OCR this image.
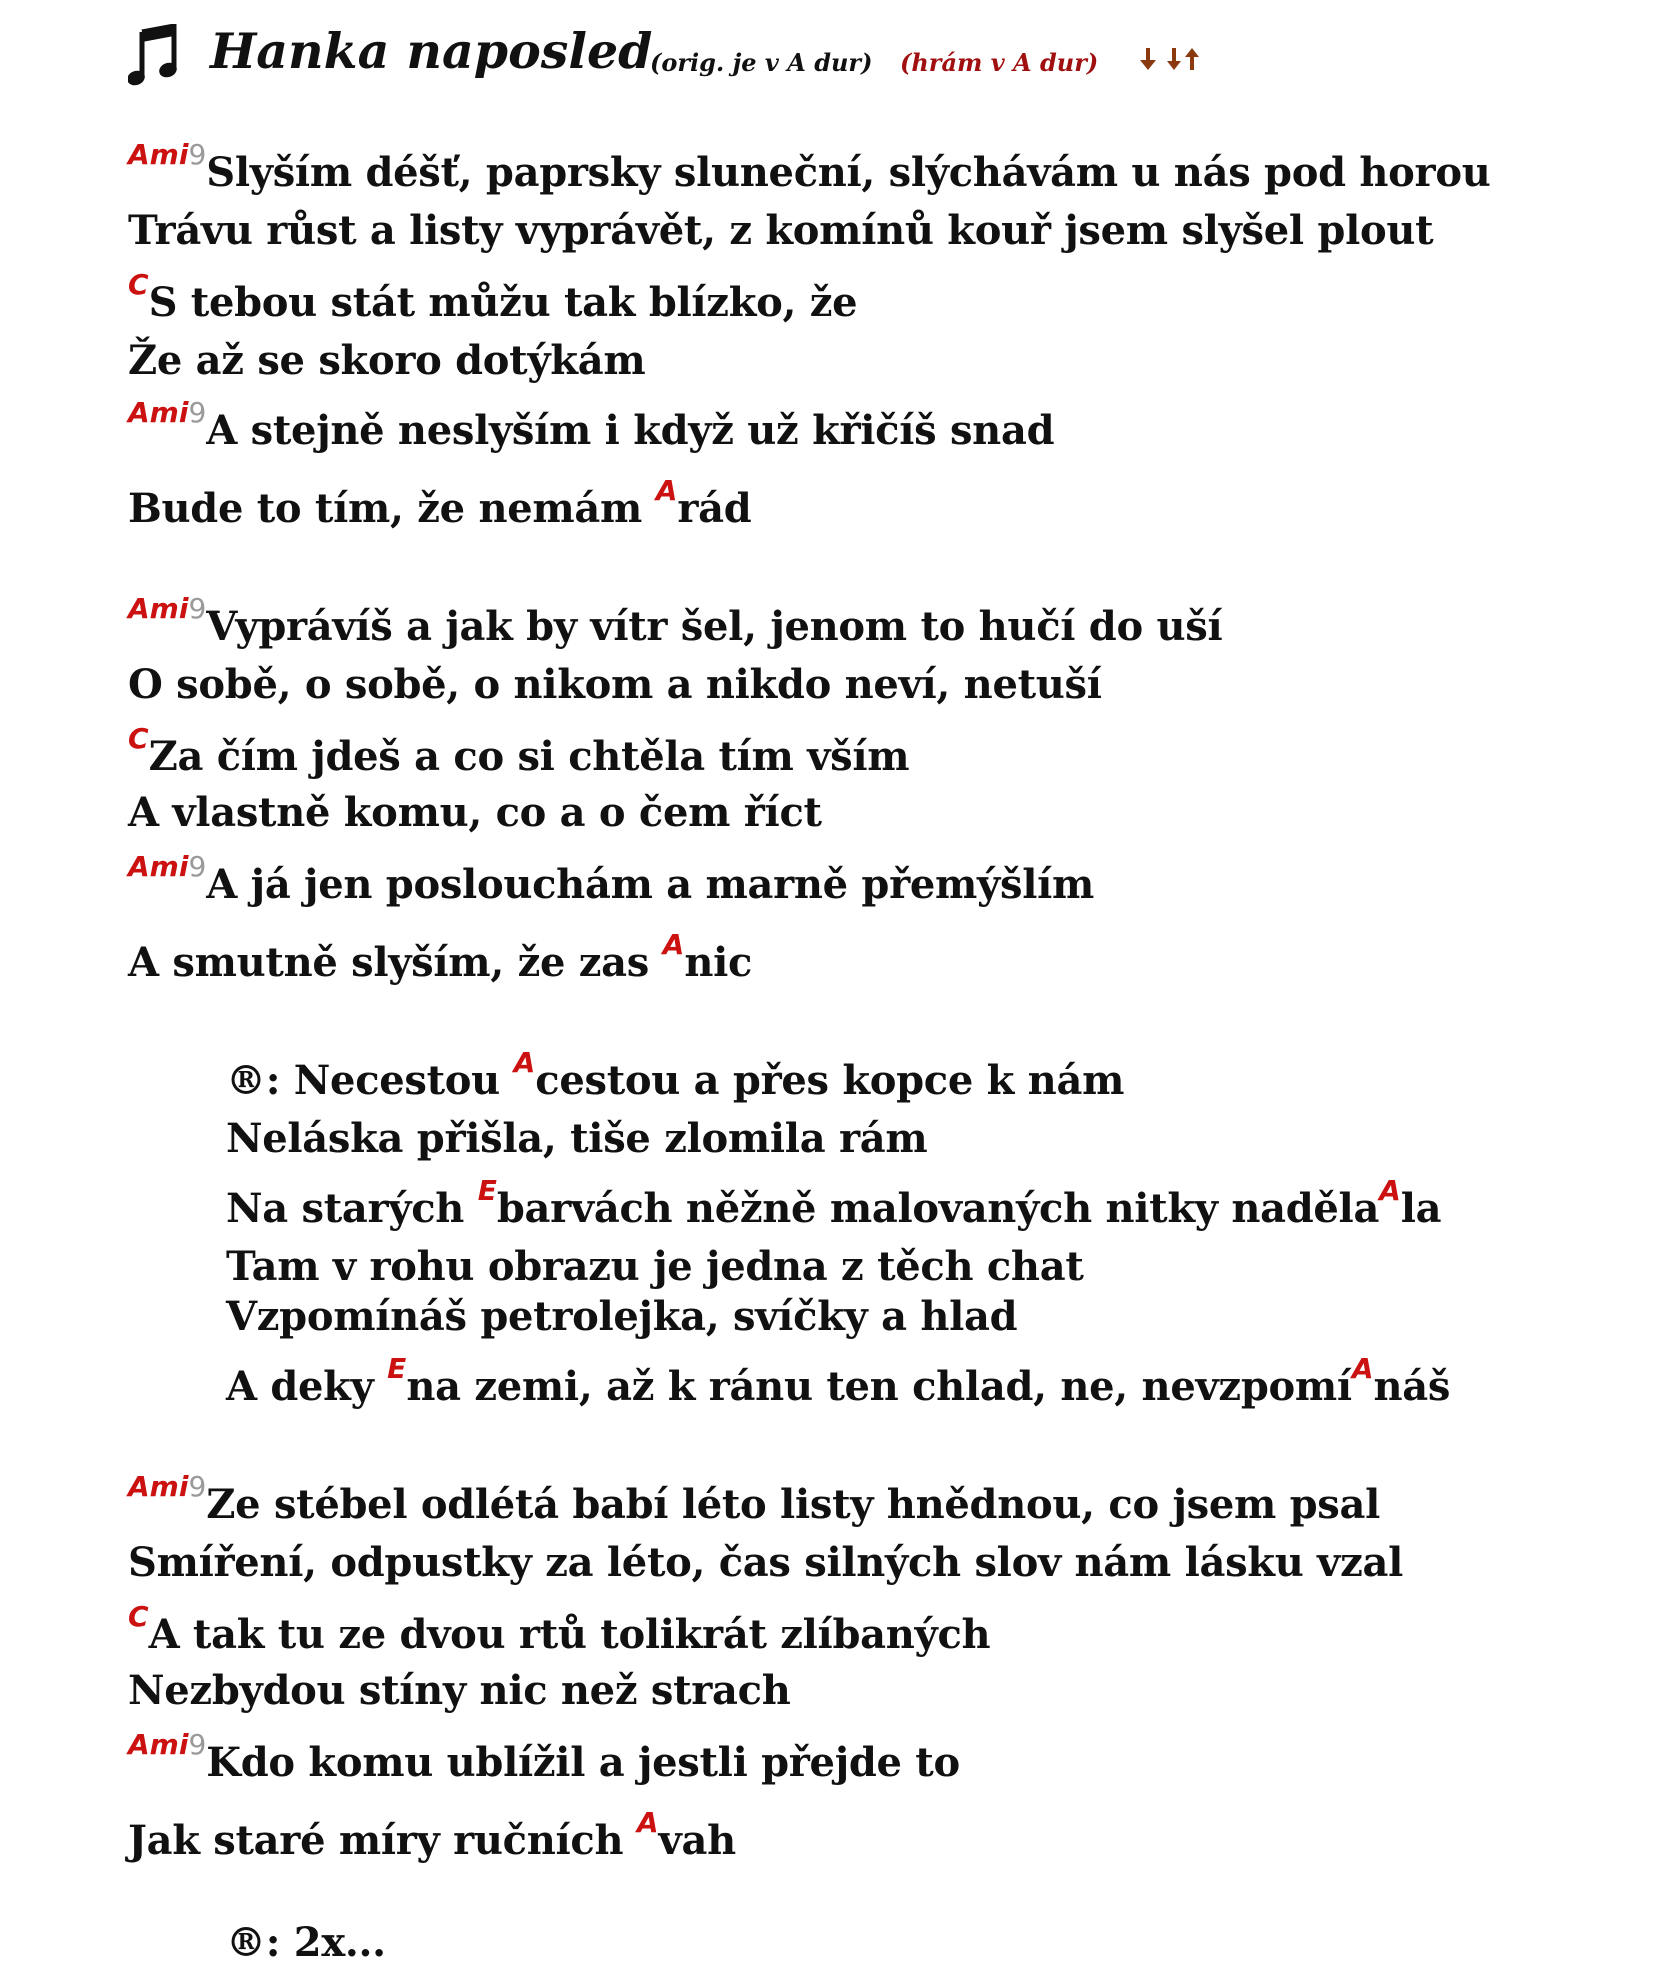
Hanka naposled
(orig. je v A dur) (hrám v A dur)
$^{Ami9}$Slyším déšť, paprsky sluneční, slýchávám u nás pod horou
Trávu růst a listy vyprávět, z komínů kouř jsem slyšel plout
$^C$S tebou stát můžu tak blízko, že
Že až se skoro dotýkám
$^{Ami9}$A stejně neslyším i když už křičíš snad
Bude to tím, že nemám $^A$rád
$^{Ami9}$Vyprávíš a jak by vítr šel, jenom to hučí do uší
O sobě, o sobě, o nikom a nikdo neví, netuší
$^C$Za čím jdeš a co si chtěla tím vším
A vlastně komu, co a o čem říct
$^{Ami9}$A já jen poslouchám a marně přemýšlím
A smutně slyším, že zas $^A$nic
®: Necestou $^A$cestou a přes kopce k nám
Neláska přišla, tiše zlomila rám
Na starých $^E$barvách něžně malovaných nitky naděla$^A$la
Tam v rohu obrazu je jedna z těch chat
Vzpomínáš petrolejka, svíčky a hlad
A deky $^E$na zemi, až k ránu ten chlad, ne, nevzpomí$^A$náš
$^{Ami9}$Ze stébel odlétá babí léto listy hnědnou, co jsem psal
Smíření, odpustky za léto, čas silných slov nám lásku vzal
$^C$A tak tu ze dvou rtů tolikrát zlíbaných
Nezbydou stíny nic než strach
$^{Ami9}$Kdo komu ublížil a jestli přejde to
Jak staré míry ručních $^A$vah
®: 2x...
